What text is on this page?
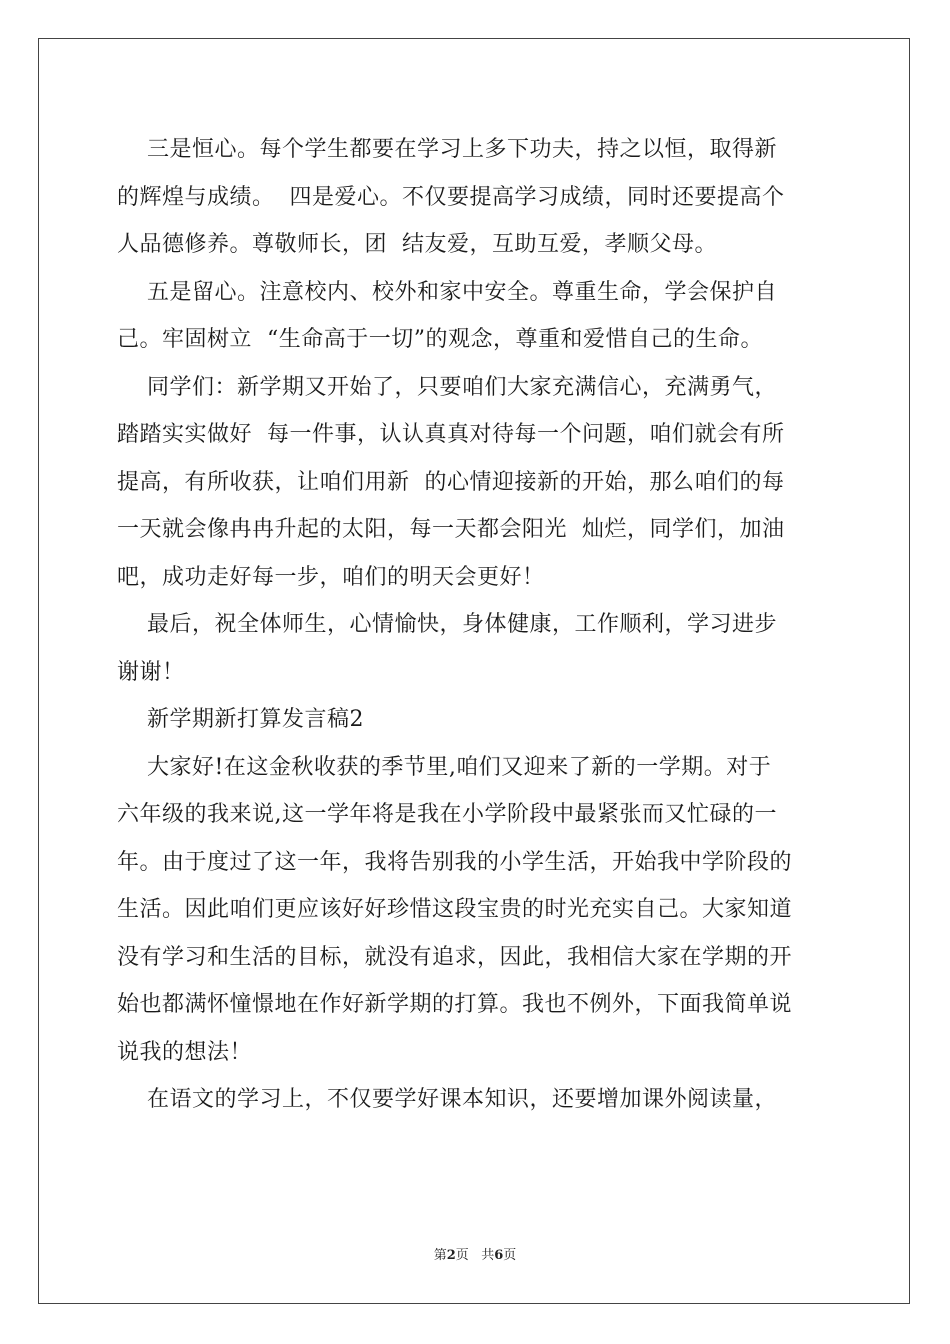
三是恒心。每个学生都要在学习上多下功夫，持之以恒，取得新
的辉煌与成绩。  四是爱心。不仅要提高学习成绩，同时还要提高个
人品德修养。尊敬师长，团  结友爱，互助互爱，孝顺父母。
五是留心。注意校内、校外和家中安全。尊重生命，学会保护自
己。牢固树立  “生命高于一切”的观念，尊重和爱惜自己的生命。
同学们：新学期又开始了，只要咱们大家充满信心，充满勇气，
踏踏实实做好  每一件事，认认真真对待每一个问题，咱们就会有所
提高，有所收获，让咱们用新  的心情迎接新的开始，那么咱们的每
一天就会像冉冉升起的太阳，每一天都会阳光  灿烂，同学们，加油
吧，成功走好每一步，咱们的明天会更好！
最后，祝全体师生，心情愉快，身体健康，工作顺利，学习进步
谢谢！
新学期新打算发言稿2
大家好!在这金秋收获的季节里,咱们又迎来了新的一学期。对于
六年级的我来说,这一学年将是我在小学阶段中最紧张而又忙碌的一
年。由于度过了这一年，我将告别我的小学生活，开始我中学阶段的
生活。因此咱们更应该好好珍惜这段宝贵的时光充实自己。大家知道
没有学习和生活的目标，就没有追求，因此，我相信大家在学期的开
始也都满怀憧憬地在作好新学期的打算。我也不例外，下面我简单说
说我的想法！
在语文的学习上，不仅要学好课本知识，还要增加课外阅读量，
第2页 共6页
